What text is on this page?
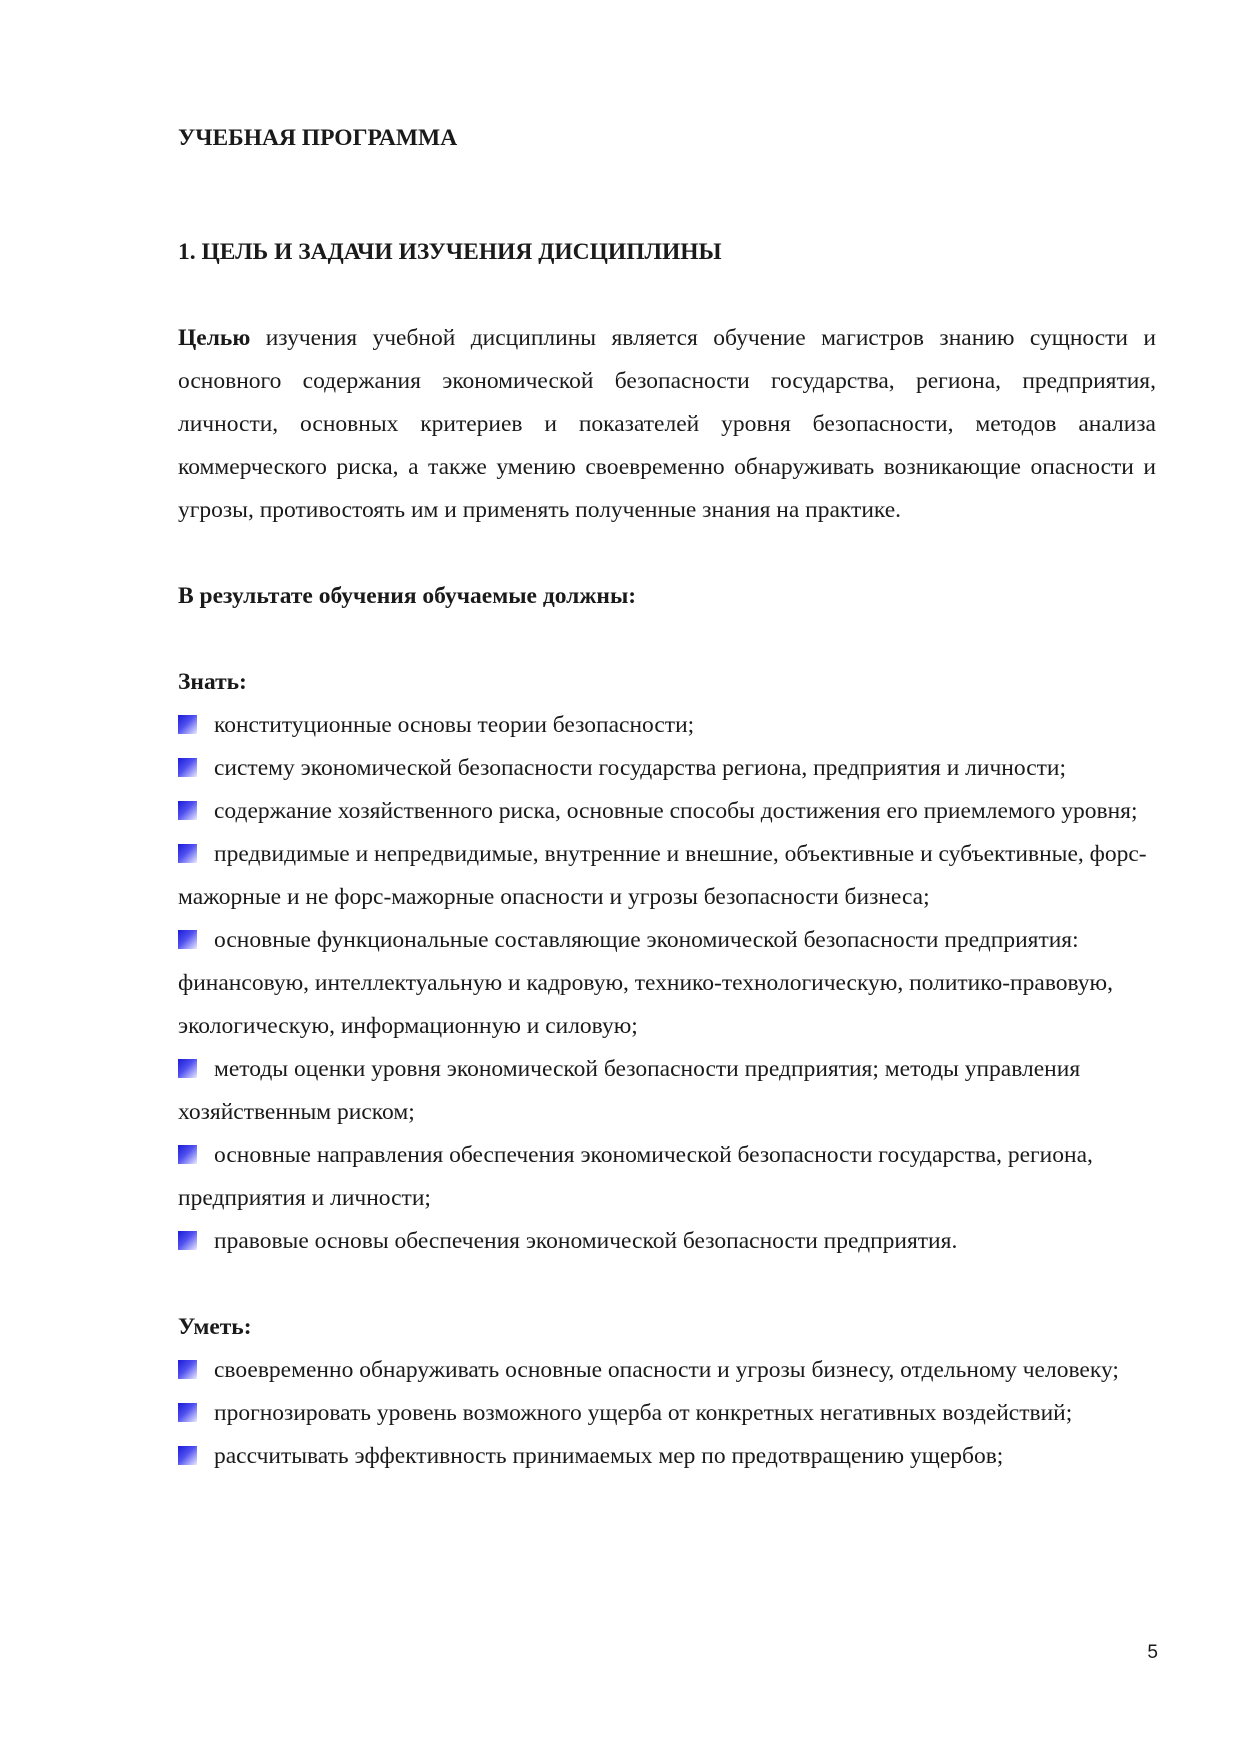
УЧЕБНАЯ ПРОГРАММА
1. ЦЕЛЬ И ЗАДАЧИ ИЗУЧЕНИЯ ДИСЦИПЛИНЫ

Целью изучения учебной дисциплины является обучение магистров знанию сущности и основного содержания экономической безопасности государства, региона, предприятия, личности, основных критериев и показателей уровня безопасности, методов анализа коммерческого риска, а также умению своевременно обнаруживать возникающие опасности и угрозы, противостоять им и применять полученные знания на практике.

В результате обучения обучаемые должны:
Знать:
конституционные основы теории безопасности;
систему экономической безопасности государства региона, предприятия и личности;
содержание хозяйственного риска, основные способы достижения его приемлемого уровня;
предвидимые и непредвидимые, внутренние и внешние, объективные и субъективные, форс-мажорные и не форс-мажорные опасности и угрозы безопасности бизнеса;
основные функциональные составляющие экономической безопасности предприятия: финансовую, интеллектуальную и кадровую, технико-технологическую, политико-правовую, экологическую, информационную и силовую;
методы оценки уровня экономической безопасности предприятия; методы управления хозяйственным риском;
основные направления обеспечения экономической безопасности государства, региона, предприятия и личности;
правовые основы обеспечения экономической безопасности предприятия.
Уметь:
своевременно обнаруживать основные опасности и угрозы бизнесу, отдельному человеку;
прогнозировать уровень возможного ущерба от конкретных негативных воздействий;
рассчитывать эффективность принимаемых мер по предотвращению ущербов;
5
